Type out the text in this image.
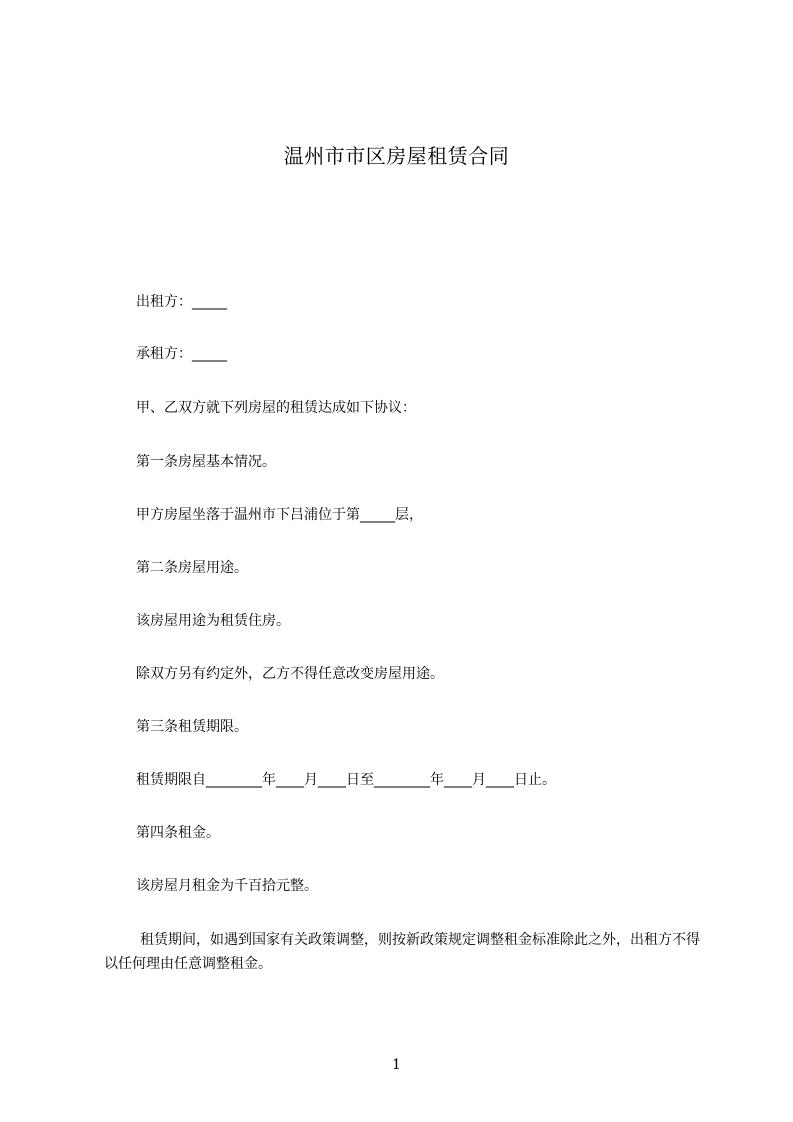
温州市市区房屋租赁合同
出租方：_____
承租方：_____
甲、乙双方就下列房屋的租赁达成如下协议：
第一条房屋基本情况。
甲方房屋坐落于温州市下吕浦位于第_____层，
第二条房屋用途。
该房屋用途为租赁住房。
除双方另有约定外，乙方不得任意改变房屋用途。
第三条租赁期限。
租赁期限自________年____月____日至________年____月____日止。
第四条租金。
该房屋月租金为千百拾元整。
租赁期间，如遇到国家有关政策调整，则按新政策规定调整租金标准除此之外，出租方不得以任何理由任意调整租金。
1
